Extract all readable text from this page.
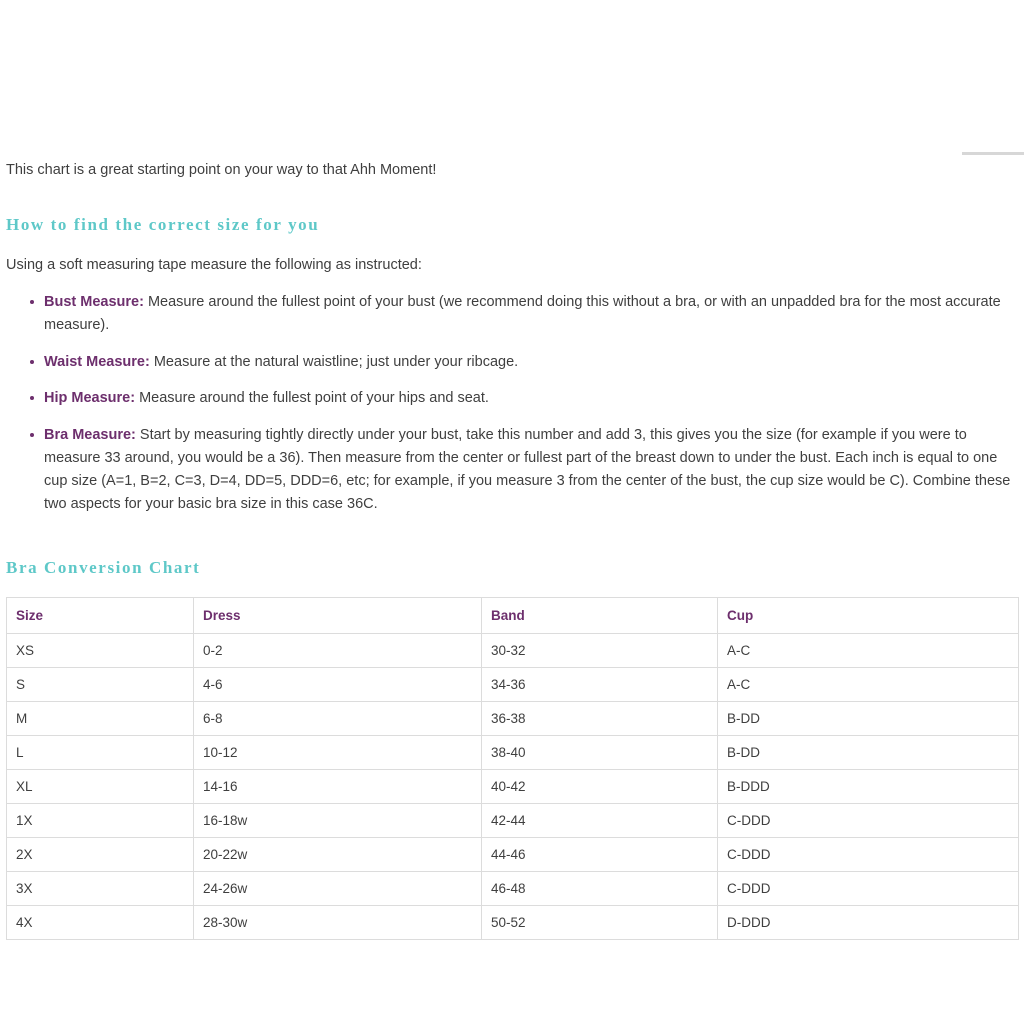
This chart is a great starting point on your way to that Ahh Moment!

How to find the correct size for you

Using a soft measuring tape measure the following as instructed:

Bust Measure: Measure around the fullest point of your bust (we recommend doing this without a bra, or with an unpadded bra for the most accurate measure).
Waist Measure: Measure at the natural waistline; just under your ribcage.
Hip Measure: Measure around the fullest point of your hips and seat.
Bra Measure: Start by measuring tightly directly under your bust, take this number and add 3, this gives you the size (for example if you were to measure 33 around, you would be a 36). Then measure from the center or fullest part of the breast down to under the bust. Each inch is equal to one cup size (A=1, B=2, C=3, D=4, DD=5, DDD=6, etc; for example, if you measure 3 from the center of the bust, the cup size would be C). Combine these two aspects for your basic bra size in this case 36C.
Bra Conversion Chart
Size	Dress	Band	Cup
XS	0-2	30-32	A-C
S	4-6	34-36	A-C
M	6-8	36-38	B-DD
L	10-12	38-40	B-DD
XL	14-16	40-42	B-DDD
1X	16-18w	42-44	C-DDD
2X	20-22w	44-46	C-DDD
3X	24-26w	46-48	C-DDD
4X	28-30w	50-52	D-DDD
